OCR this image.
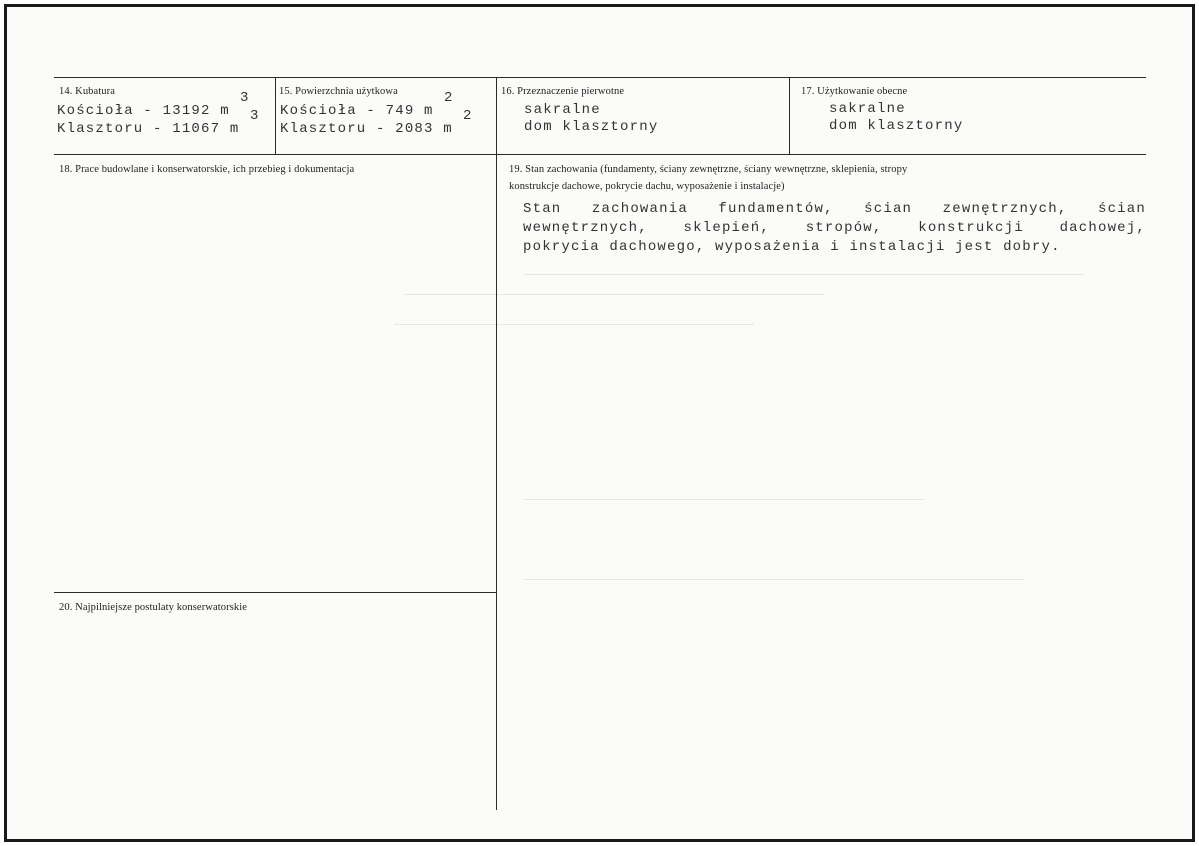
14. Kubatura
Kościoła - 13192 m
3
Klasztoru - 11067 m
3
15. Powierzchnia użytkowa
Kościoła - 749 m
2
Klasztoru - 2083 m
2
16. Przeznaczenie pierwotne
sakralne
dom klasztorny
17. Użytkowanie obecne
sakralne
dom klasztorny
18. Prace budowlane i konserwatorskie, ich przebieg i dokumentacja	19. Stan zachowania (fundamenty, ściany zewnętrzne, ściany wewnętrzne, sklepienia, stropy
konstrukcje dachowe, pokrycie dachu, wyposażenie i instalacje)
Stan zachowania fundamentów, ścian zewnętrznych, ścian
wewnętrznych, sklepień, stropów, konstrukcji dachowej,
pokrycia dachowego, wyposażenia i instalacji jest dobry.
20. Najpilniejsze postulaty konserwatorskie
